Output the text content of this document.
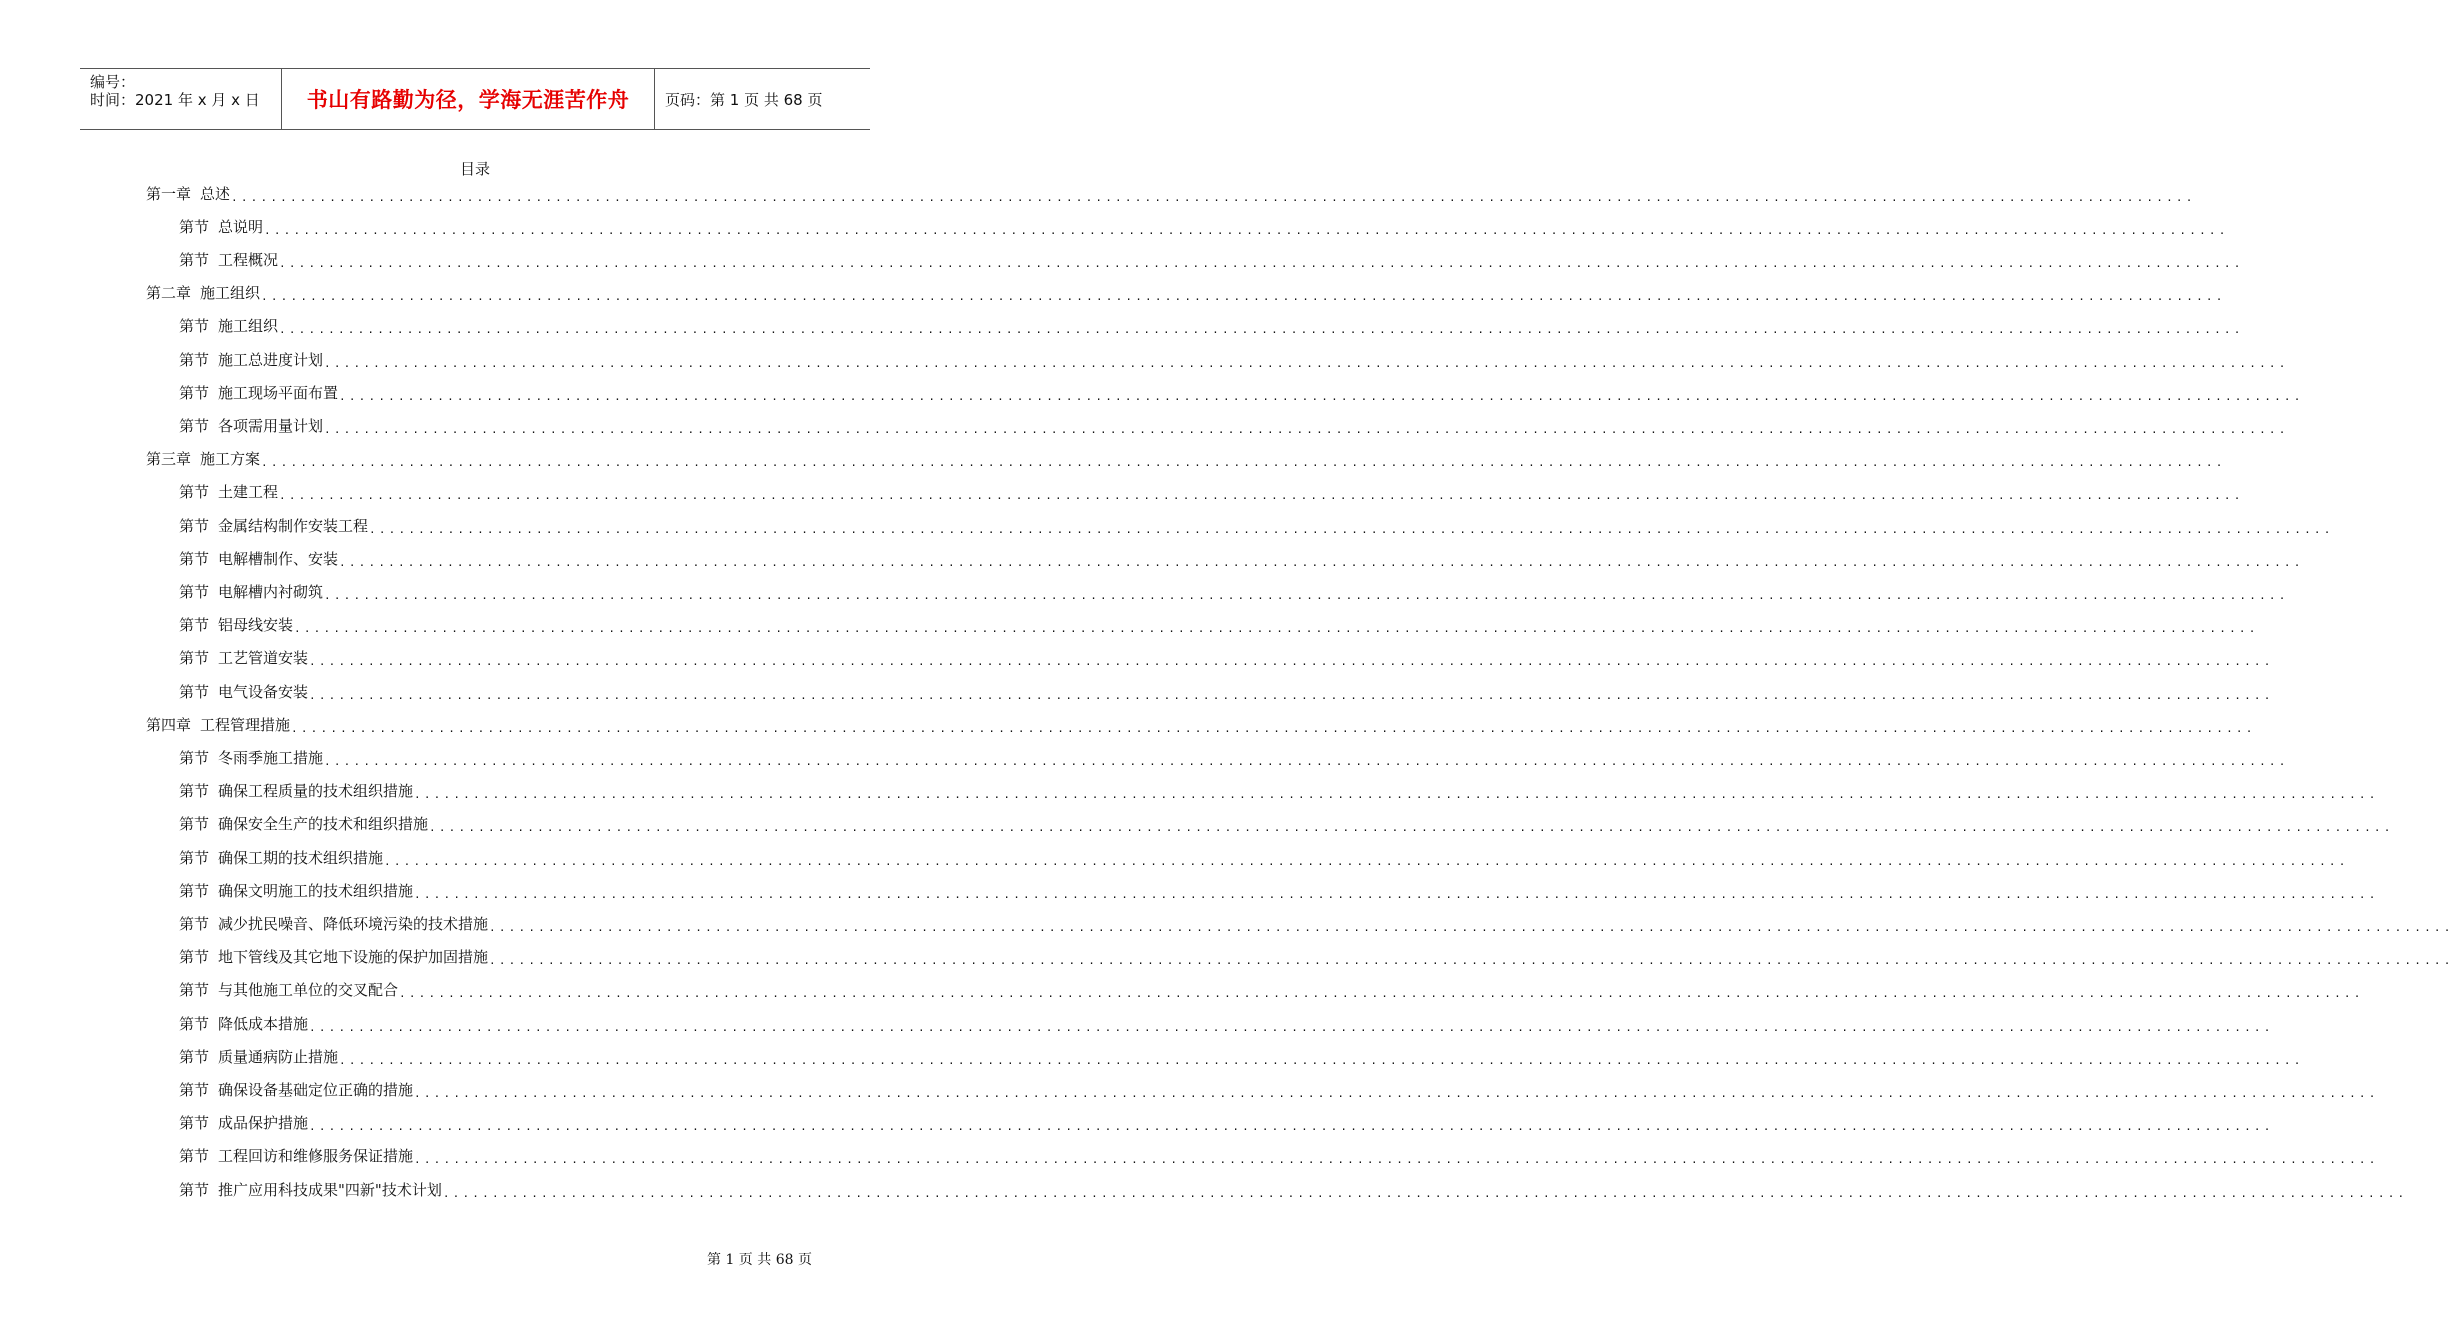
编号：
时间：2021 年 x 月 x 日 书山有路勤为径，学海无涯苦作舟	页码：第 1 页 共 68 页
目录
第一章 总述 ........................................................................................................................................................................................................
第节 总说明 ........................................................................................................................................................................................................
第节 工程概况 ........................................................................................................................................................................................................
第二章 施工组织 ........................................................................................................................................................................................................
第节 施工组织 ........................................................................................................................................................................................................
第节 施工总进度计划 ........................................................................................................................................................................................................
第节 施工现场平面布置 ........................................................................................................................................................................................................
第节 各项需用量计划 ........................................................................................................................................................................................................
第三章 施工方案 ........................................................................................................................................................................................................
第节 土建工程 ........................................................................................................................................................................................................
第节 金属结构制作安装工程 ........................................................................................................................................................................................................
第节 电解槽制作、安装 ........................................................................................................................................................................................................
第节 电解槽内衬砌筑 ........................................................................................................................................................................................................
第节 铝母线安装 ........................................................................................................................................................................................................
第节 工艺管道安装 ........................................................................................................................................................................................................
第节 电气设备安装 ........................................................................................................................................................................................................
第四章 工程管理措施 ........................................................................................................................................................................................................
第节 冬雨季施工措施 ........................................................................................................................................................................................................
第节 确保工程质量的技术组织措施 ........................................................................................................................................................................................................
第节 确保安全生产的技术和组织措施 ........................................................................................................................................................................................................
第节 确保工期的技术组织措施 ........................................................................................................................................................................................................
第节 确保文明施工的技术组织措施 ........................................................................................................................................................................................................
第节 减少扰民噪音、降低环境污染的技术措施 ........................................................................................................................................................................................................
第节 地下管线及其它地下设施的保护加固措施 ........................................................................................................................................................................................................
第节 与其他施工单位的交叉配合 ........................................................................................................................................................................................................
第节 降低成本措施 ........................................................................................................................................................................................................
第节 质量通病防止措施 ........................................................................................................................................................................................................
第节 确保设备基础定位正确的措施 ........................................................................................................................................................................................................
第节 成品保护措施 ........................................................................................................................................................................................................
第节 工程回访和维修服务保证措施 ........................................................................................................................................................................................................
第节 推广应用科技成果"四新"技术计划 ........................................................................................................................................................................................................
第 1 页 共 68 页
